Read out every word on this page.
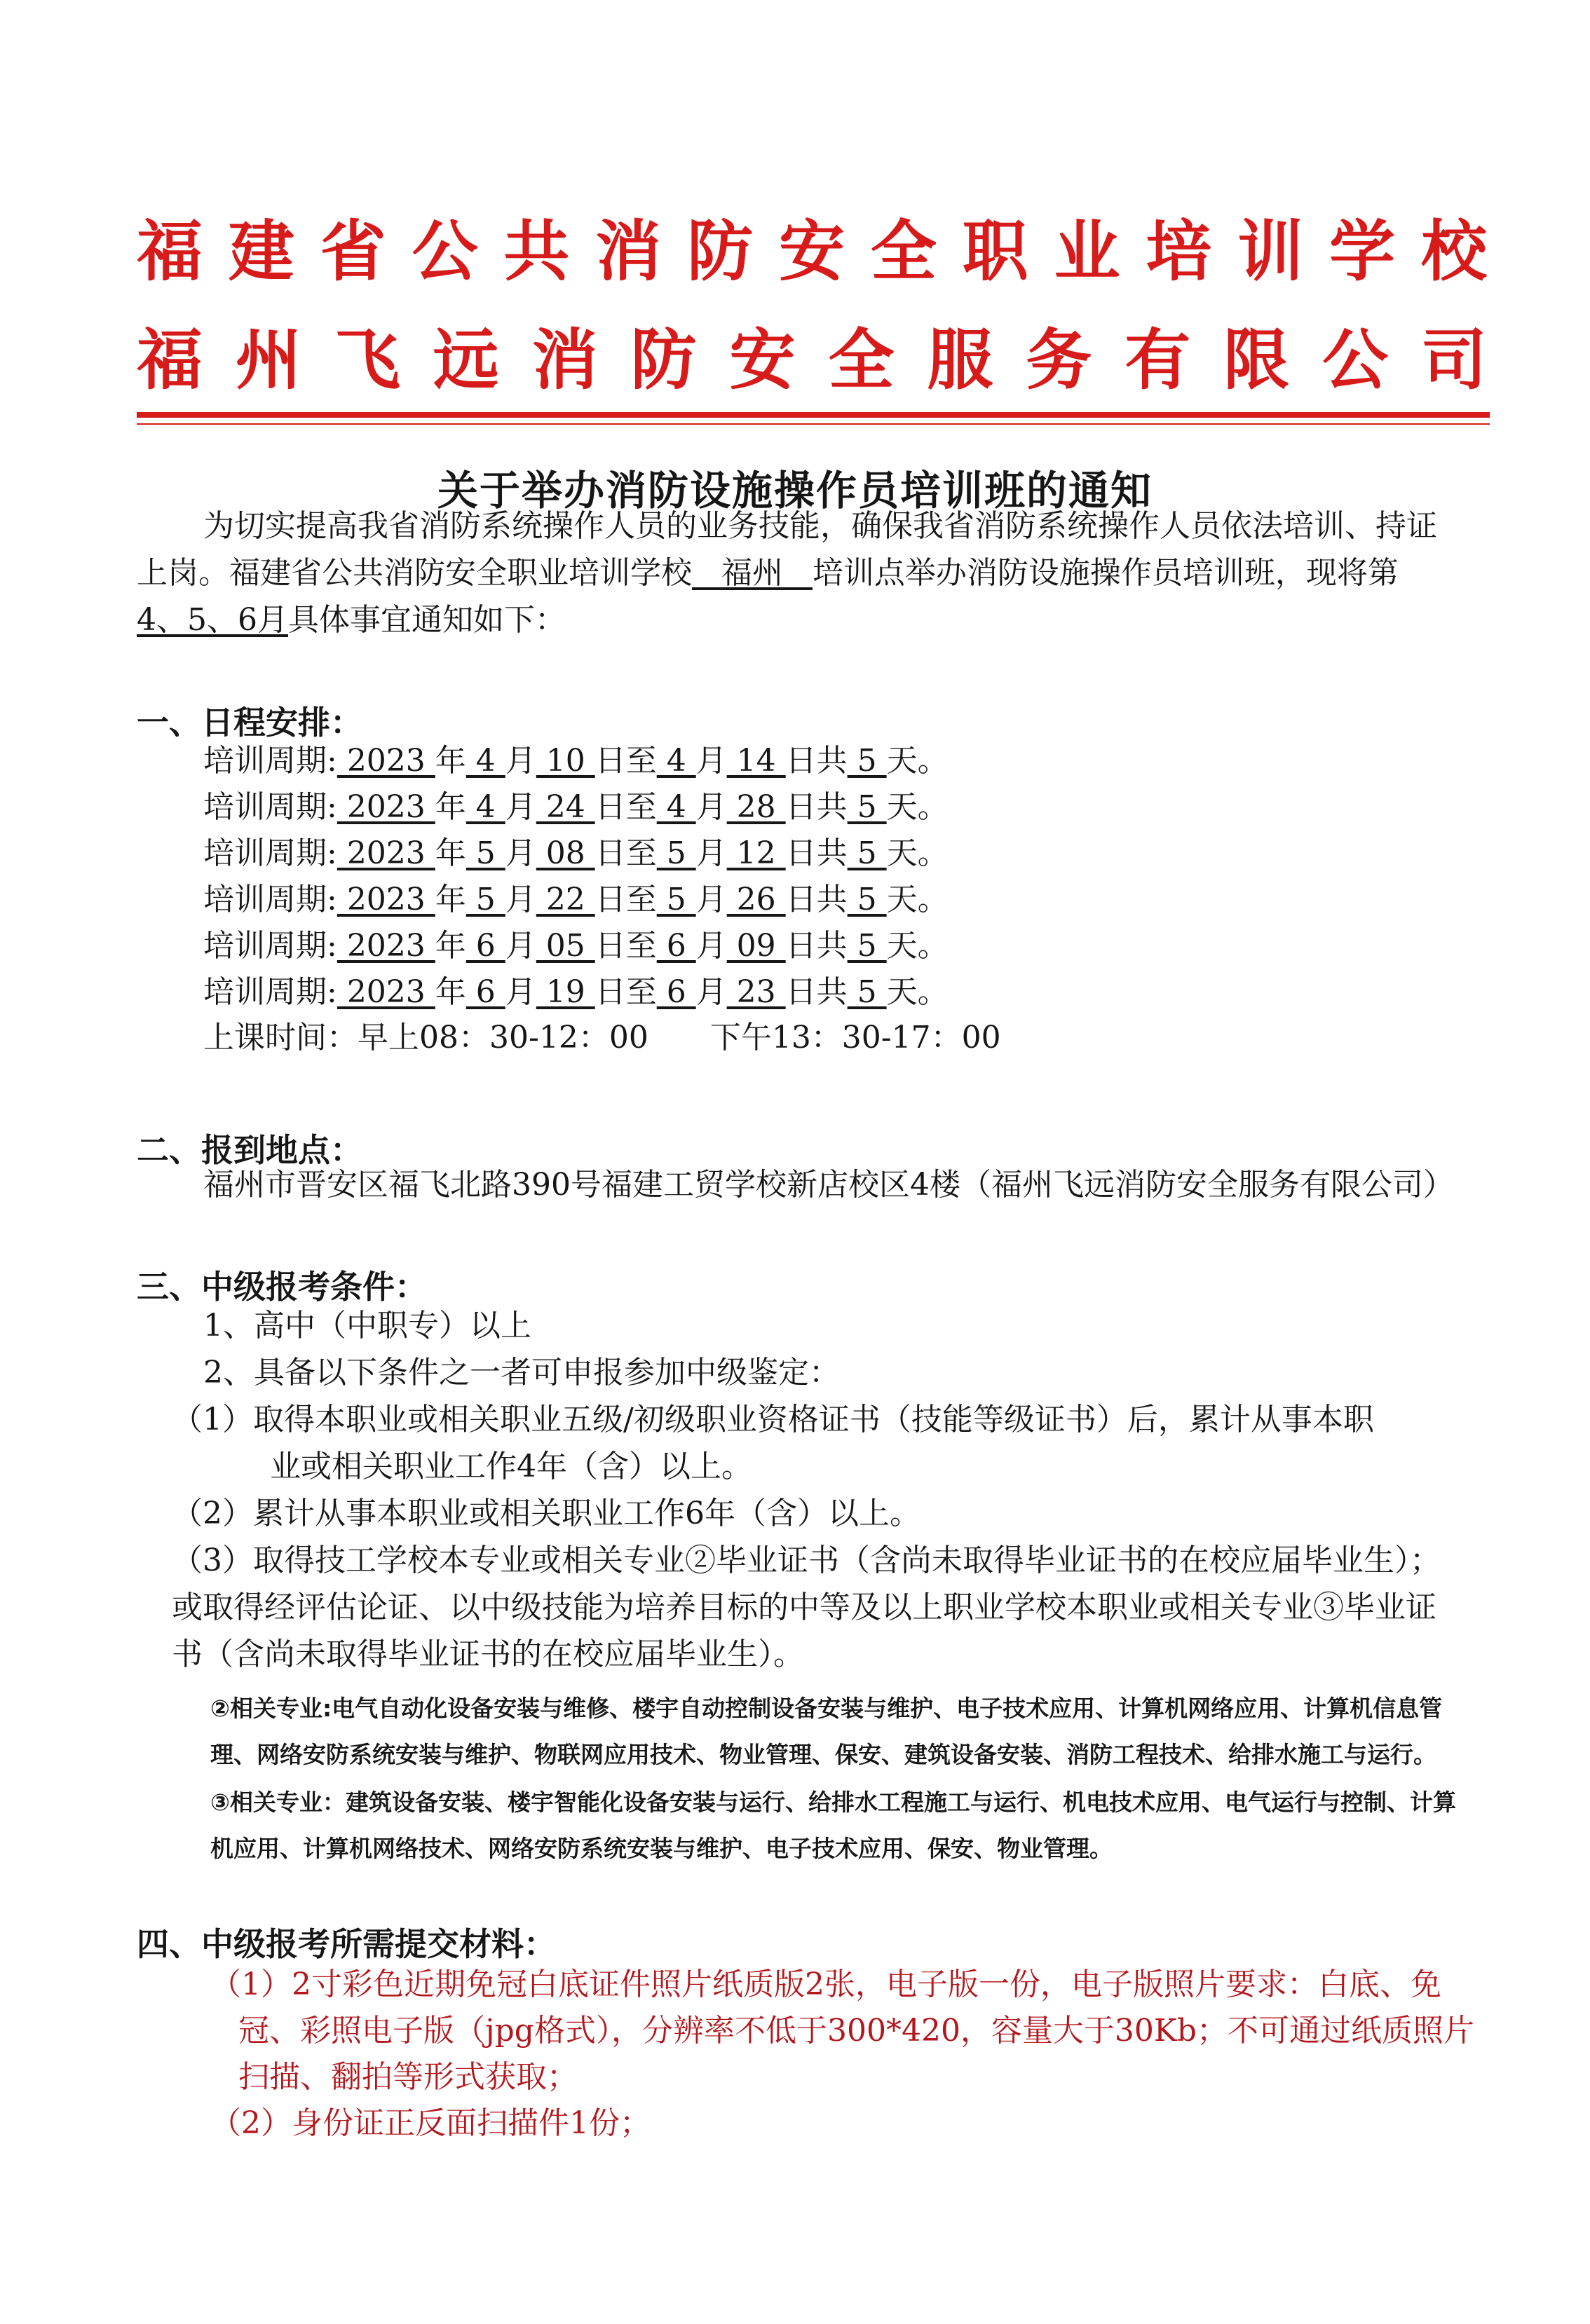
福建省公共消防安全职业培训学校
福州飞远消防安全服务有限公司
关于举办消防设施操作员培训班的通知
为切实提高我省消防系统操作人员的业务技能，确保我省消防系统操作人员依法培训、持证
上岗。福建省公共消防安全职业培训学校 福州 培训点举办消防设施操作员培训班，现将第
4、5、6月具体事宜通知如下：
一、日程安排：
培训周期: 2023 年 4 月 10 日至 4 月 14 日共 5 天。
培训周期: 2023 年 4 月 24 日至 4 月 28 日共 5 天。
培训周期: 2023 年 5 月 08 日至 5 月 12 日共 5 天。
培训周期: 2023 年 5 月 22 日至 5 月 26 日共 5 天。
培训周期: 2023 年 6 月 05 日至 6 月 09 日共 5 天。
培训周期: 2023 年 6 月 19 日至 6 月 23 日共 5 天。
上课时间：早上08：30-12：00　　下午13：30-17：00
二、报到地点：
福州市晋安区福飞北路390号福建工贸学校新店校区4楼（福州飞远消防安全服务有限公司）
三、中级报考条件：
1、高中（中职专）以上
2、具备以下条件之一者可申报参加中级鉴定：
（1）取得本职业或相关职业五级/初级职业资格证书（技能等级证书）后，累计从事本职
业或相关职业工作4年（含）以上。
（2）累计从事本职业或相关职业工作6年（含）以上。
（3）取得技工学校本专业或相关专业②毕业证书（含尚未取得毕业证书的在校应届毕业生）；
或取得经评估论证、以中级技能为培养目标的中等及以上职业学校本职业或相关专业③毕业证
书（含尚未取得毕业证书的在校应届毕业生）。
②相关专业:电气自动化设备安装与维修、楼宇自动控制设备安装与维护、电子技术应用、计算机网络应用、计算机信息管
理、网络安防系统安装与维护、物联网应用技术、物业管理、保安、建筑设备安装、消防工程技术、给排水施工与运行。
③相关专业：建筑设备安装、楼宇智能化设备安装与运行、给排水工程施工与运行、机电技术应用、电气运行与控制、计算
机应用、计算机网络技术、网络安防系统安装与维护、电子技术应用、保安、物业管理。
四、中级报考所需提交材料：
（1）2寸彩色近期免冠白底证件照片纸质版2张，电子版一份，电子版照片要求：白底、免
冠、彩照电子版（jpg格式），分辨率不低于300*420，容量大于30Kb；不可通过纸质照片
扫描、翻拍等形式获取；
（2）身份证正反面扫描件1份；
